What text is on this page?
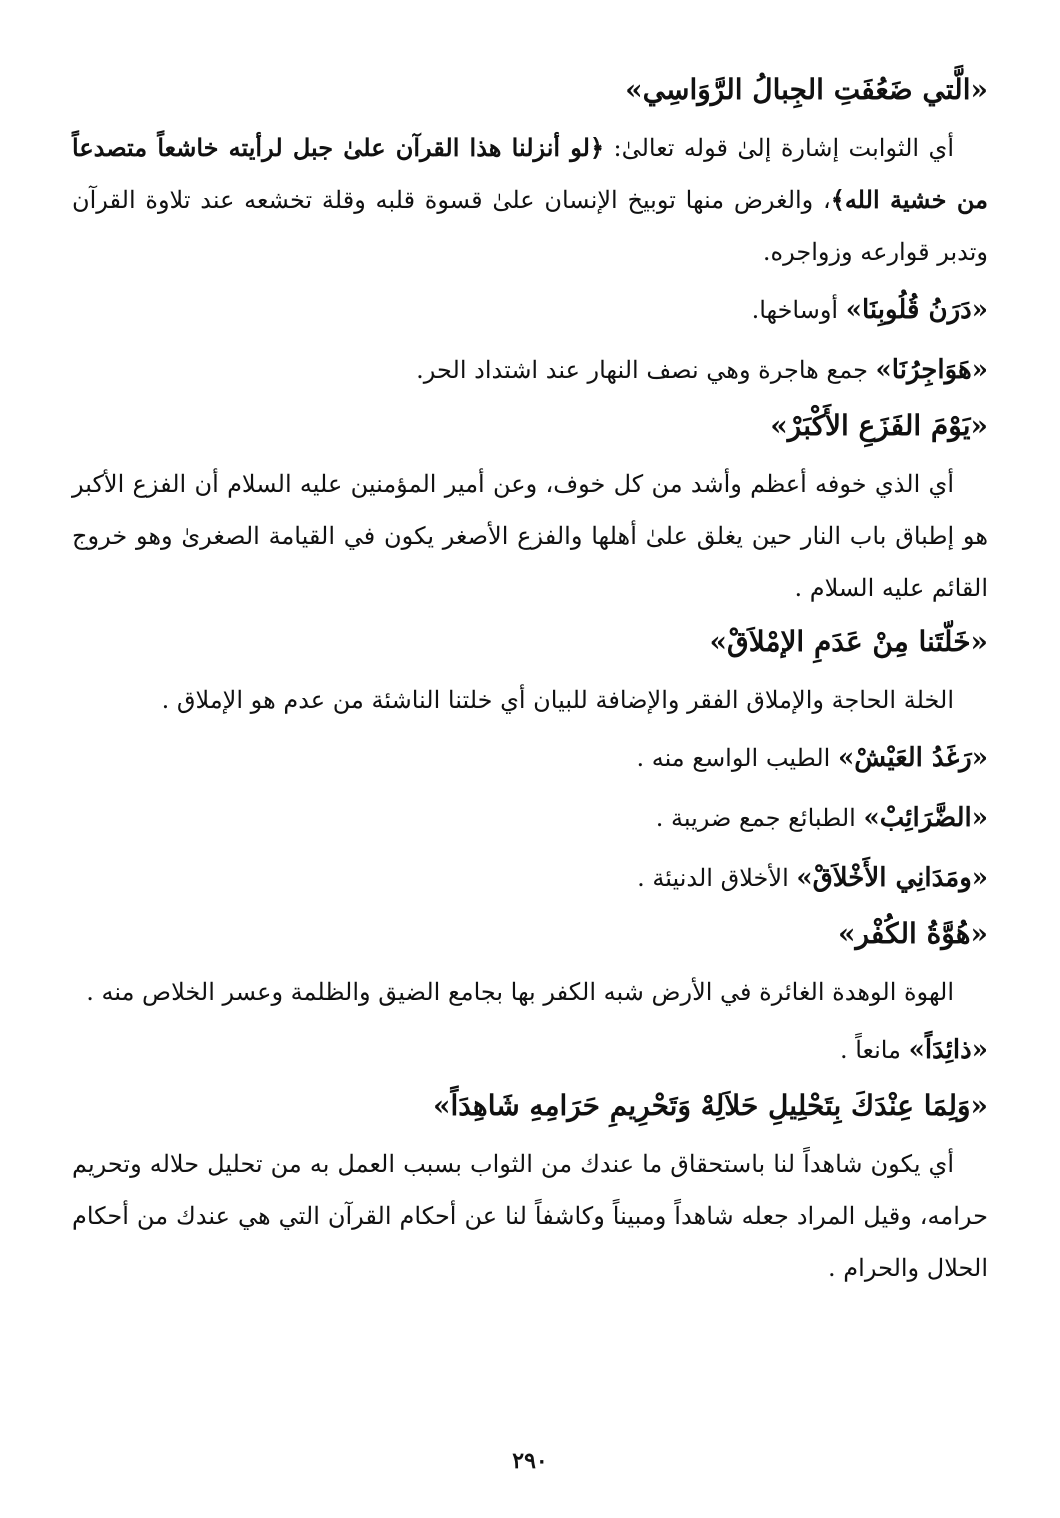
«الَّتي ضَعُفَتِ الجِبالُ الرَّوَاسِي»

أي الثوابت إشارة إلىٰ قوله تعالىٰ: ﴿لو أنزلنا هذا القرآن علىٰ جبل لرأيته خاشعاً متصدعاً من خشية الله﴾، والغرض منها توبيخ الإنسان علىٰ قسوة قلبه وقلة تخشعه عند تلاوة القرآن وتدبر قوارعه وزواجره.

«دَرَنُ قُلُوبِنَا» أوساخها.
«هَوَاجِرُنَا» جمع هاجرة وهي نصف النهار عند اشتداد الحر.
«يَوْمَ الفَزَعِ الأَكْبَرْ»

أي الذي خوفه أعظم وأشد من كل خوف، وعن أمير المؤمنين عليه السلام أن الفزع الأكبر هو إطباق باب النار حين يغلق علىٰ أهلها والفزع الأصغر يكون في القيامة الصغرىٰ وهو خروج القائم عليه السلام .

«خَلّتَنا مِنْ عَدَمِ الإمْلاَقْ»

الخلة الحاجة والإملاق الفقر والإضافة للبيان أي خلتنا الناشئة من عدم هو الإملاق .

«رَغَدُ العَيْشْ» الطيب الواسع منه .
«الضَّرَائِبْ» الطبائع جمع ضريبة .
«ومَدَانِي الأَخْلاَقْ» الأخلاق الدنيئة .
«هُوَّةُ الكُفْر»

الهوة الوهدة الغائرة في الأرض شبه الكفر بها بجامع الضيق والظلمة وعسر الخلاص منه .

«ذائِدَاً» مانعاً .
«وَلِمَا عِنْدَكَ بِتَحْلِيلِ حَلاَلِهْ وَتَحْرِيمِ حَرَامِهِ شَاهِدَاً»

أي يكون شاهداً لنا باستحقاق ما عندك من الثواب بسبب العمل به من تحليل حلاله وتحريم حرامه، وقيل المراد جعله شاهداً ومبيناً وكاشفاً لنا عن أحكام القرآن التي هي عندك من أحكام الحلال والحرام .

٢٩٠
